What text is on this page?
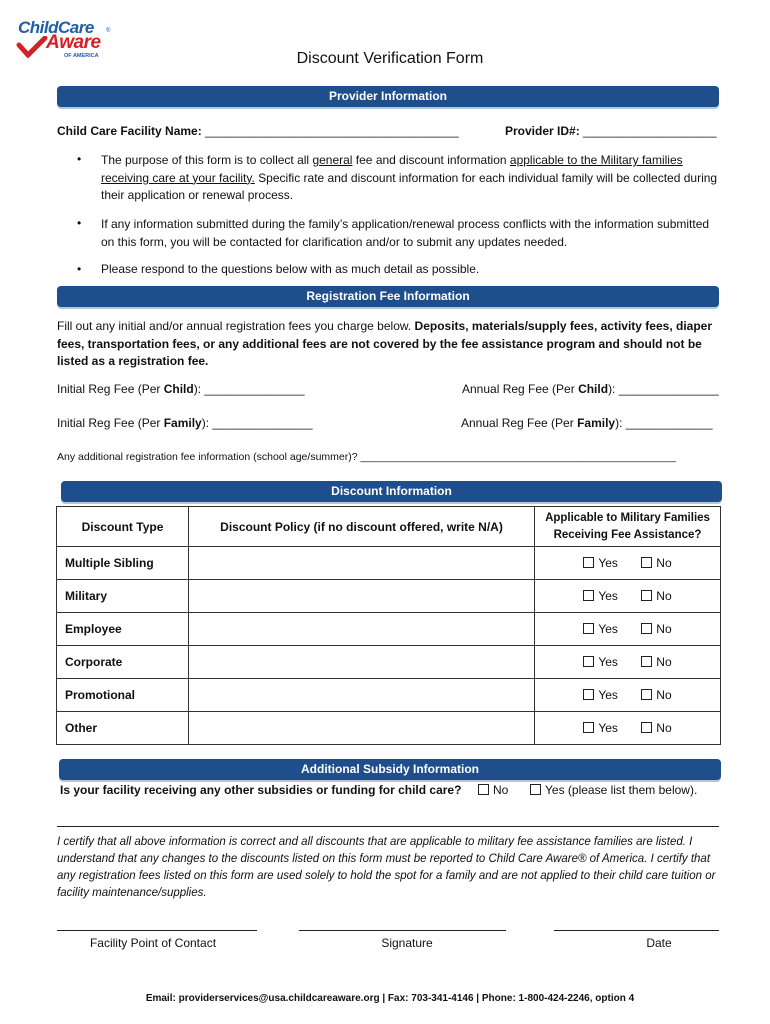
ChildCare
Aware
®
OF AMERICA	Discount Verification Form
Provider Information
Child Care Facility Name: ______________________________________	Provider ID#: ____________________
• The purpose of this form is to collect all general fee and discount information applicable to the Military families receiving care at your facility. Specific rate and discount information for each individual family will be collected during their application or renewal process.
• If any information submitted during the family’s application/renewal process conflicts with the information submitted on this form, you will be contacted for clarification and/or to submit any updates needed.
• Please respond to the questions below with as much detail as possible.
Registration Fee Information
Fill out any initial and/or annual registration fees you charge below. Deposits, materials/supply fees, activity fees, diaper fees, transportation fees, or any additional fees are not covered by the fee assistance program and should not be listed as a registration fee.
Initial Reg Fee (Per Child): _______________	Annual Reg Fee (Per Child): _______________
Initial Reg Fee (Per Family): _______________	Annual Reg Fee (Per Family): _____________
Any additional registration fee information (school age/summer)? ______________________________________________________
Discount Information
Discount Type	Discount Policy (if no discount offered, write N/A)	Applicable to Military Families Receiving Fee Assistance?
Multiple Sibling		Yes No
Military		Yes No
Employee		Yes No
Corporate		Yes No
Promotional		Yes No
Other		Yes No
Additional Subsidy Information
Is your facility receiving any other subsidies or funding for child care?	No	Yes (please list them below).
I certify that all above information is correct and all discounts that are applicable to military fee assistance families are listed. I understand that any changes to the discounts listed on this form must be reported to Child Care Aware® of America. I certify that any registration fees listed on this form are used solely to hold the spot for a family and are not applied to their child care tuition or facility maintenance/supplies.
Facility Point of Contact	Signature	Date
Email: providerservices@usa.childcareaware.org | Fax: 703-341-4146 | Phone: 1-800-424-2246, option 4
